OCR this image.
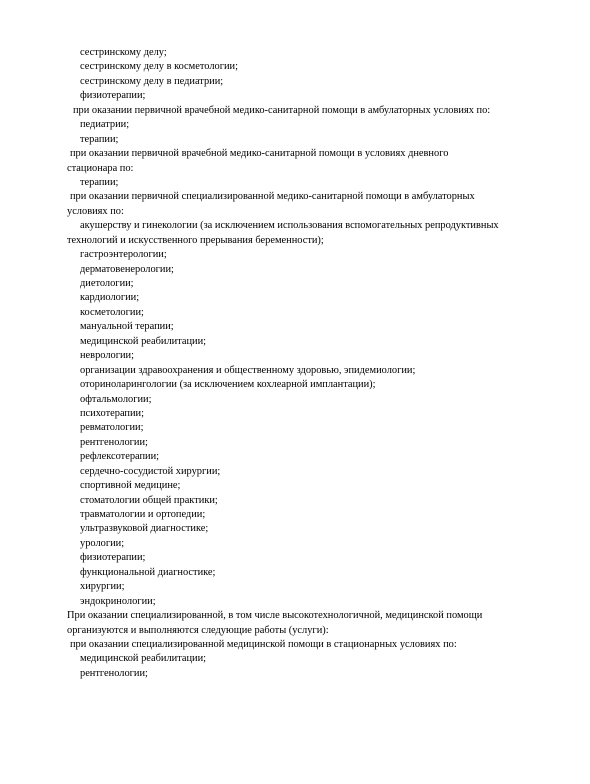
сестринскому делу;
сестринскому делу в косметологии;
сестринскому делу в педиатрии;
физиотерапии;
при оказании первичной врачебной медико-санитарной помощи в амбулаторных условиях по:
педиатрии;
терапии;
при оказании первичной врачебной медико-санитарной помощи в условиях дневного
стационара по:
терапии;
при оказании первичной специализированной медико-санитарной помощи в амбулаторных
условиях по:
акушерству и гинекологии (за исключением использования вспомогательных репродуктивных
технологий и искусственного прерывания беременности);
гастроэнтерологии;
дерматовенерологии;
диетологии;
кардиологии;
косметологии;
мануальной терапии;
медицинской реабилитации;
неврологии;
организации здравоохранения и общественному здоровью, эпидемиологии;
оториноларингологии (за исключением кохлеарной имплантации);
офтальмологии;
психотерапии;
ревматологии;
рентгенологии;
рефлексотерапии;
сердечно-сосудистой хирургии;
спортивной медицине;
стоматологии общей практики;
травматологии и ортопедии;
ультразвуковой диагностике;
урологии;
физиотерапии;
функциональной диагностике;
хирургии;
эндокринологии;
При оказании специализированной, в том числе высокотехнологичной, медицинской помощи
организуются и выполняются следующие работы (услуги):
при оказании специализированной медицинской помощи в стационарных условиях по:
медицинской реабилитации;
рентгенологии;
